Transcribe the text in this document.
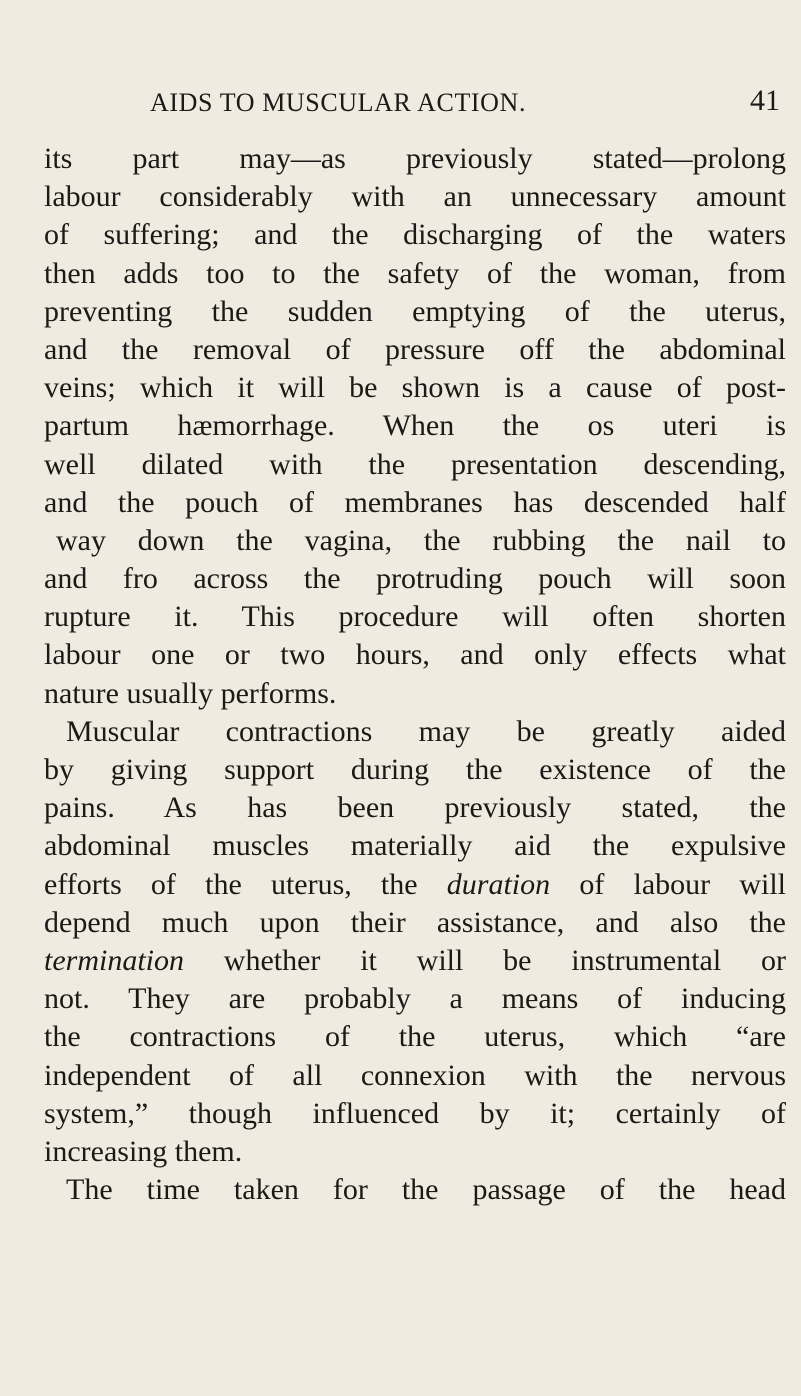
AIDS TO MUSCULAR ACTION.	41
its part may—as previously stated—prolong
labour considerably with an unnecessary amount
of suffering; and the discharging of the waters
then adds too to the safety of the woman, from
preventing the sudden emptying of the uterus,
and the removal of pressure off the abdominal
veins; which it will be shown is a cause of post-
partum hæmorrhage. When the os uteri is
well dilated with the presentation descending,
and the pouch of membranes has descended half
way down the vagina, the rubbing the nail to
and fro across the protruding pouch will soon
rupture it. This procedure will often shorten
labour one or two hours, and only effects what
nature usually performs.
Muscular contractions may be greatly aided
by giving support during the existence of the
pains. As has been previously stated, the
abdominal muscles materially aid the expulsive
efforts of the uterus, the duration of labour will
depend much upon their assistance, and also the
termination whether it will be instrumental or
not. They are probably a means of inducing
the contractions of the uterus, which “are
independent of all connexion with the nervous
system,” though influenced by it; certainly of
increasing them.
The time taken for the passage of the head
